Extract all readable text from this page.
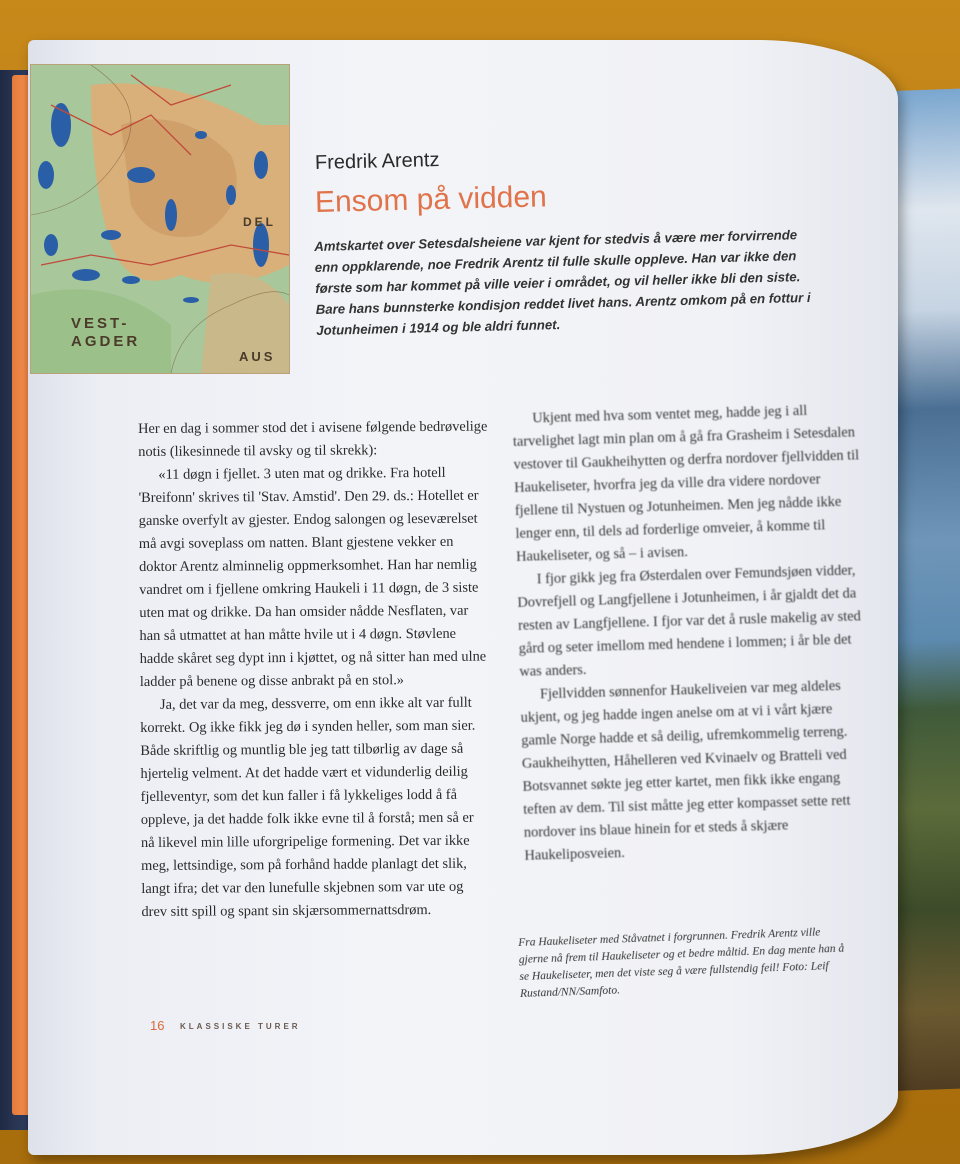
VEST-
AGDER
AUS
DEL
Fredrik Arentz
Ensom på vidden
Amtskartet over Setesdalsheiene var kjent for stedvis å være mer forvirrende enn oppklarende, noe Fredrik Arentz til fulle skulle oppleve. Han var ikke den første som har kommet på ville veier i området, og vil heller ikke bli den siste. Bare hans bunnsterke kondisjon reddet livet hans. Arentz omkom på en fottur i Jotunheimen i 1914 og ble aldri funnet.

Her en dag i sommer stod det i avisene følgende bedrøvelige notis (likesinnede til avsky og til skrekk):

«11 døgn i fjellet. 3 uten mat og drikke. Fra hotell 'Breifonn' skrives til 'Stav. Amstid'. Den 29. ds.: Hotellet er ganske overfylt av gjester. Endog salongen og leseværelset må avgi soveplass om natten. Blant gjestene vekker en doktor Arentz alminnelig oppmerksomhet. Han har nemlig vandret om i fjellene omkring Haukeli i 11 døgn, de 3 siste uten mat og drikke. Da han omsider nådde Nesflaten, var han så utmattet at han måtte hvile ut i 4 døgn. Støvlene hadde skåret seg dypt inn i kjøttet, og nå sitter han med ulne ladder på benene og disse anbrakt på en stol.»

Ja, det var da meg, dessverre, om enn ikke alt var fullt korrekt. Og ikke fikk jeg dø i synden heller, som man sier. Både skriftlig og muntlig ble jeg tatt tilbørlig av dage så hjertelig velment. At det hadde vært et vidunderlig deilig fjelleventyr, som det kun faller i få lykkeliges lodd å få oppleve, ja det hadde folk ikke evne til å forstå; men så er nå likevel min lille uforgripelige formening. Det var ikke meg, lettsindige, som på forhånd hadde planlagt det slik, langt ifra; det var den lunefulle skjebnen som var ute og drev sitt spill og spant sin skjærsommernattsdrøm.

Ukjent med hva som ventet meg, hadde jeg i all tarvelighet lagt min plan om å gå fra Grasheim i Setesdalen vestover til Gaukheihytten og derfra nordover fjellvidden til Haukeliseter, hvorfra jeg da ville dra videre nordover fjellene til Nystuen og Jotunheimen. Men jeg nådde ikke lenger enn, til dels ad forderlige omveier, å komme til Haukeliseter, og så – i avisen.

I fjor gikk jeg fra Østerdalen over Femundsjøen vidder, Dovrefjell og Langfjellene i Jotunheimen, i år gjaldt det da resten av Langfjellene. I fjor var det å rusle makelig av sted gård og seter imellom med hendene i lommen; i år ble det was anders.

Fjellvidden sønnenfor Haukeliveien var meg aldeles ukjent, og jeg hadde ingen anelse om at vi i vårt kjære gamle Norge hadde et så deilig, ufremkommelig terreng. Gaukheihytten, Håhelleren ved Kvinaelv og Bratteli ved Botsvannet søkte jeg etter kartet, men fikk ikke engang teften av dem. Til sist måtte jeg etter kompasset sette rett nordover ins blaue hinein for et steds å skjære Haukeliposveien.

Fra Haukeliseter med Ståvatnet i forgrunnen. Fredrik Arentz ville gjerne nå frem til Haukeliseter og et bedre måltid. En dag mente han å se Haukeliseter, men det viste seg å være fullstendig feil! Foto: Leif Rustand/NN/Samfoto.
16 KLASSISKE TURER
